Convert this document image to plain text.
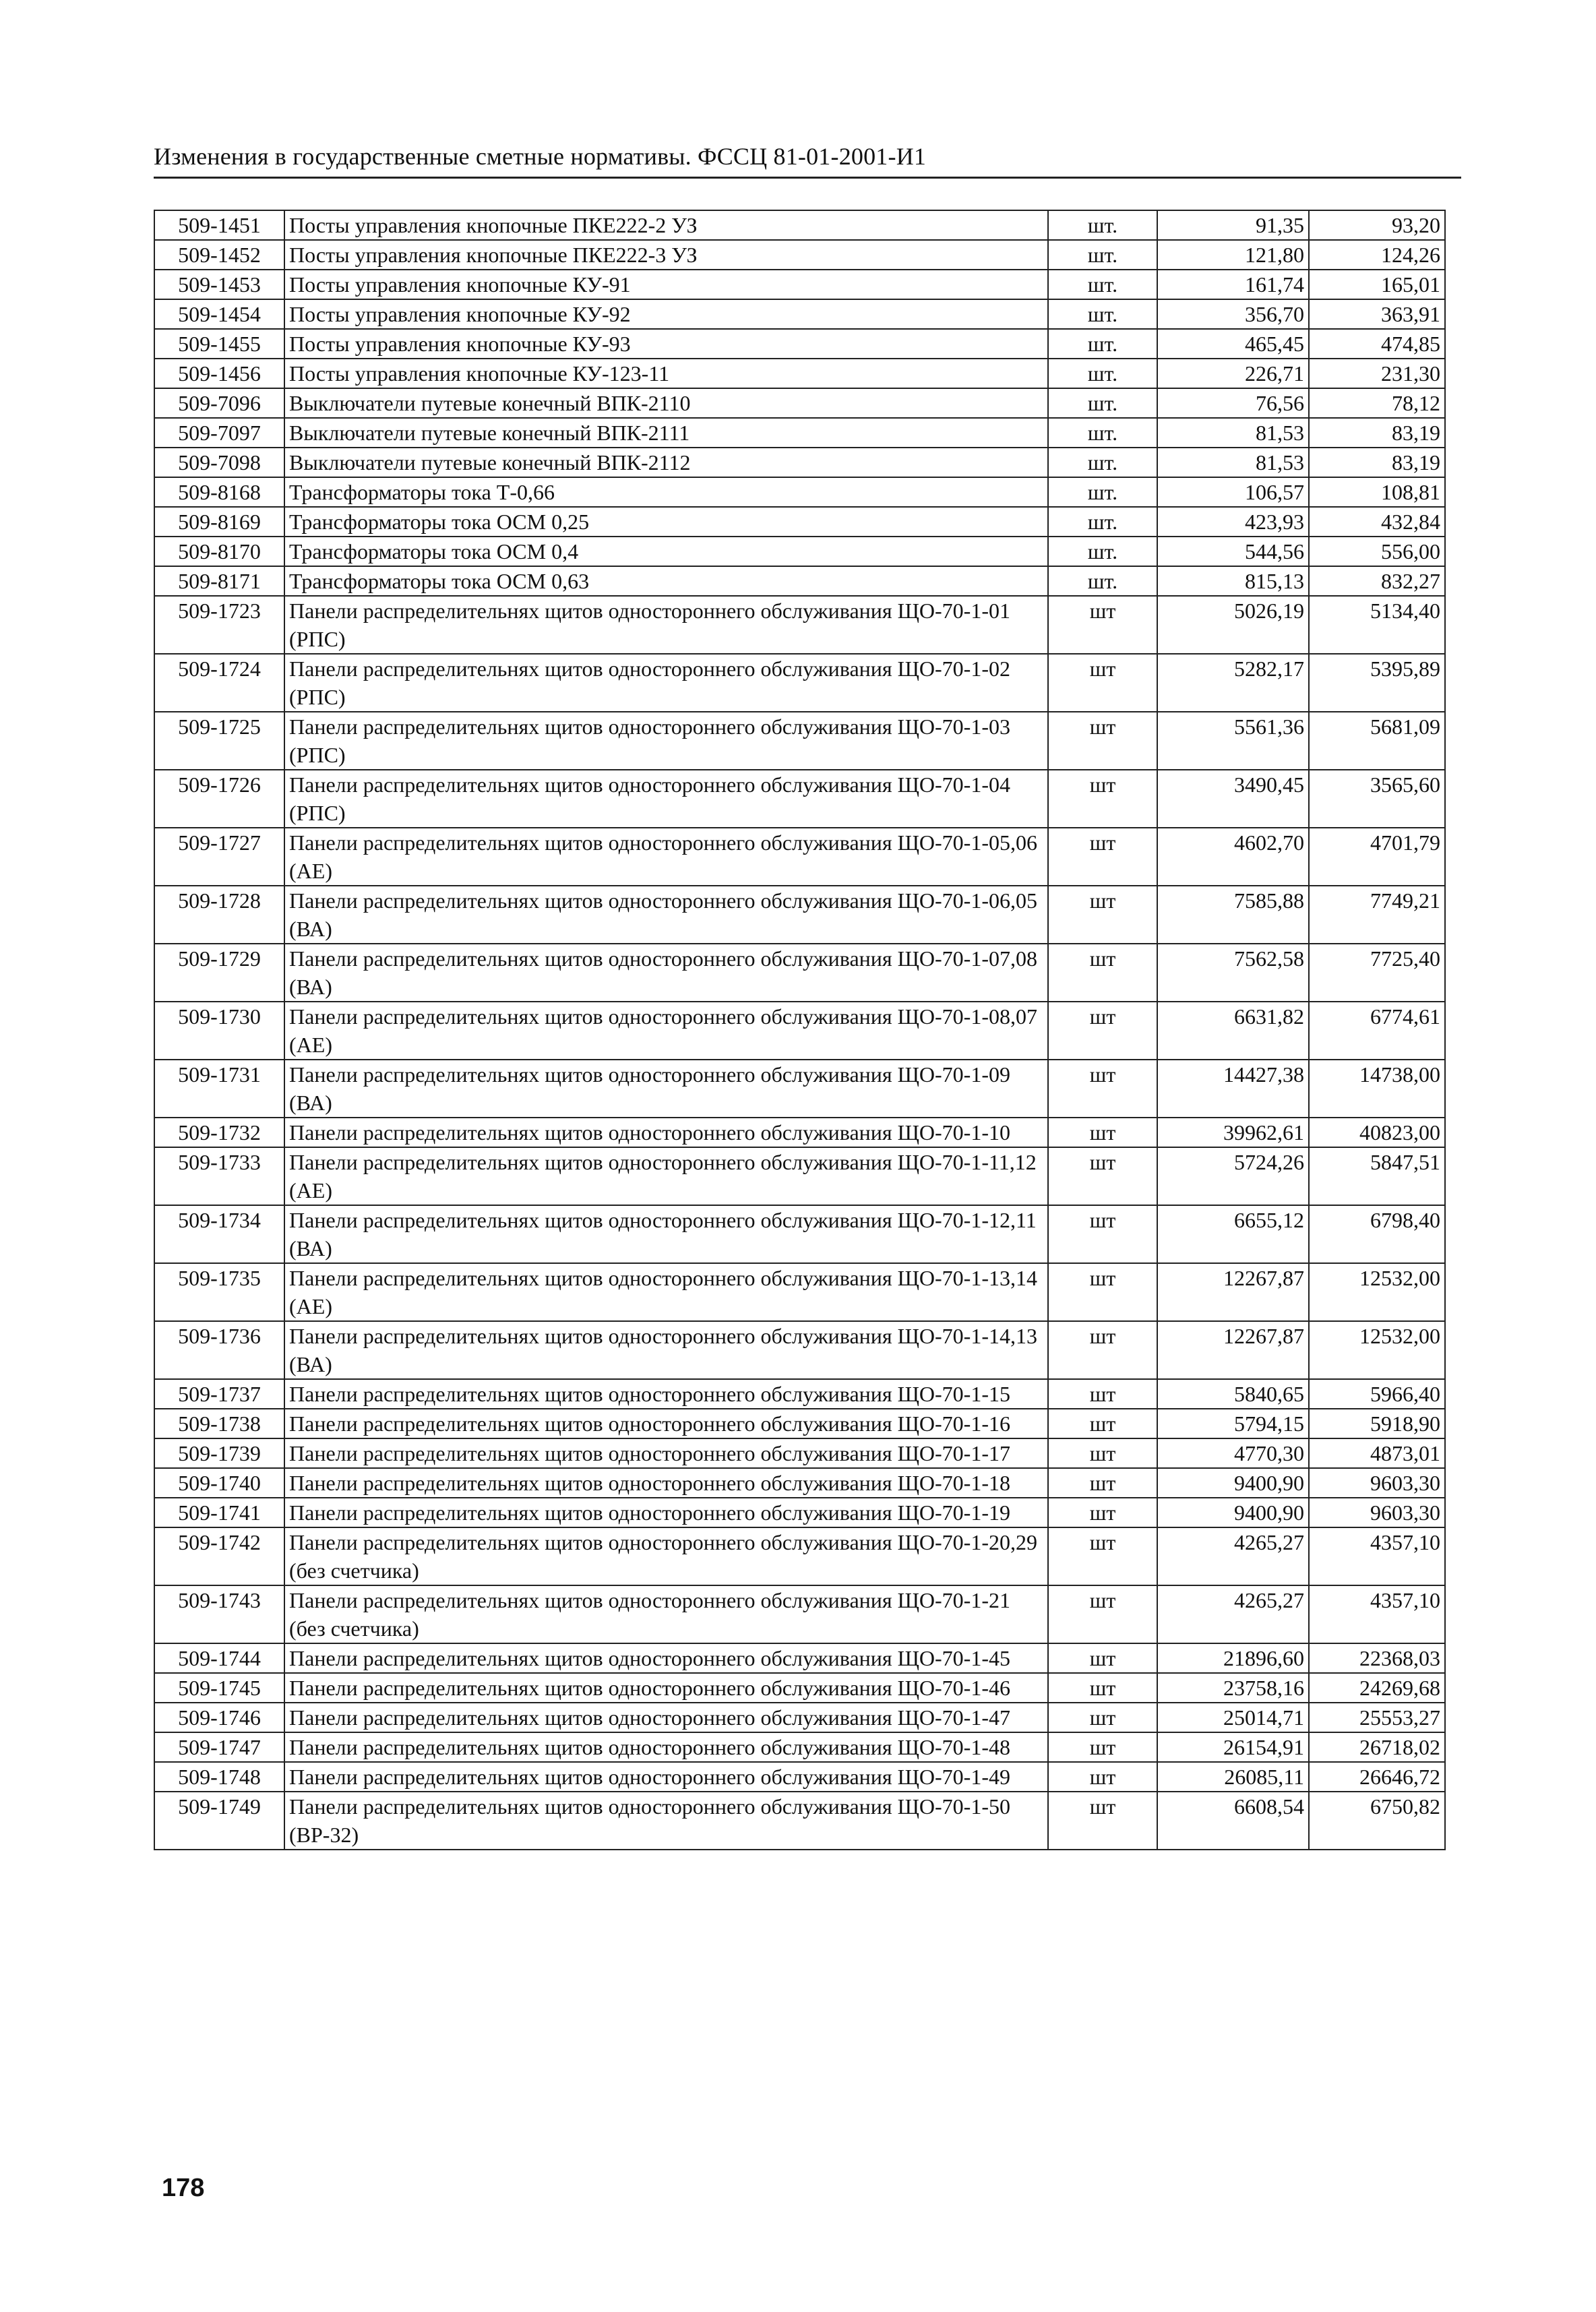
Изменения в государственные сметные нормативы. ФССЦ 81-01-2001-И1
509-1451	Посты управления кнопочные ПКЕ222-2 УЗ	шт.	91,35	93,20
509-1452	Посты управления кнопочные ПКЕ222-3 УЗ	шт.	121,80	124,26
509-1453	Посты управления кнопочные КУ-91	шт.	161,74	165,01
509-1454	Посты управления кнопочные КУ-92	шт.	356,70	363,91
509-1455	Посты управления кнопочные КУ-93	шт.	465,45	474,85
509-1456	Посты управления кнопочные КУ-123-11	шт.	226,71	231,30
509-7096	Выключатели путевые конечный ВПК-2110	шт.	76,56	78,12
509-7097	Выключатели путевые конечный ВПК-2111	шт.	81,53	83,19
509-7098	Выключатели путевые конечный ВПК-2112	шт.	81,53	83,19
509-8168	Трансформаторы тока Т-0,66	шт.	106,57	108,81
509-8169	Трансформаторы тока ОСМ 0,25	шт.	423,93	432,84
509-8170	Трансформаторы тока ОСМ 0,4	шт.	544,56	556,00
509-8171	Трансформаторы тока ОСМ 0,63	шт.	815,13	832,27
509-1723	Панели распределительнях щитов одностороннего обслуживания ЩО-70-1-01 (РПС)	шт	5026,19	5134,40
509-1724	Панели распределительнях щитов одностороннего обслуживания ЩО-70-1-02 (РПС)	шт	5282,17	5395,89
509-1725	Панели распределительнях щитов одностороннего обслуживания ЩО-70-1-03 (РПС)	шт	5561,36	5681,09
509-1726	Панели распределительнях щитов одностороннего обслуживания ЩО-70-1-04 (РПС)	шт	3490,45	3565,60
509-1727	Панели распределительнях щитов одностороннего обслуживания ЩО-70-1-05,06 (АЕ)	шт	4602,70	4701,79
509-1728	Панели распределительнях щитов одностороннего обслуживания ЩО-70-1-06,05 (ВА)	шт	7585,88	7749,21
509-1729	Панели распределительнях щитов одностороннего обслуживания ЩО-70-1-07,08 (ВА)	шт	7562,58	7725,40
509-1730	Панели распределительнях щитов одностороннего обслуживания ЩО-70-1-08,07 (АЕ)	шт	6631,82	6774,61
509-1731	Панели распределительнях щитов одностороннего обслуживания ЩО-70-1-09 (ВА)	шт	14427,38	14738,00
509-1732	Панели распределительнях щитов одностороннего обслуживания ЩО-70-1-10	шт	39962,61	40823,00
509-1733	Панели распределительнях щитов одностороннего обслуживания ЩО-70-1-11,12 (АЕ)	шт	5724,26	5847,51
509-1734	Панели распределительнях щитов одностороннего обслуживания ЩО-70-1-12,11 (ВА)	шт	6655,12	6798,40
509-1735	Панели распределительнях щитов одностороннего обслуживания ЩО-70-1-13,14 (АЕ)	шт	12267,87	12532,00
509-1736	Панели распределительнях щитов одностороннего обслуживания ЩО-70-1-14,13 (ВА)	шт	12267,87	12532,00
509-1737	Панели распределительнях щитов одностороннего обслуживания ЩО-70-1-15	шт	5840,65	5966,40
509-1738	Панели распределительнях щитов одностороннего обслуживания ЩО-70-1-16	шт	5794,15	5918,90
509-1739	Панели распределительнях щитов одностороннего обслуживания ЩО-70-1-17	шт	4770,30	4873,01
509-1740	Панели распределительнях щитов одностороннего обслуживания ЩО-70-1-18	шт	9400,90	9603,30
509-1741	Панели распределительнях щитов одностороннего обслуживания ЩО-70-1-19	шт	9400,90	9603,30
509-1742	Панели распределительнях щитов одностороннего обслуживания ЩО-70-1-20,29 (без счетчика)	шт	4265,27	4357,10
509-1743	Панели распределительнях щитов одностороннего обслуживания ЩО-70-1-21 (без счетчика)	шт	4265,27	4357,10
509-1744	Панели распределительнях щитов одностороннего обслуживания ЩО-70-1-45	шт	21896,60	22368,03
509-1745	Панели распределительнях щитов одностороннего обслуживания ЩО-70-1-46	шт	23758,16	24269,68
509-1746	Панели распределительнях щитов одностороннего обслуживания ЩО-70-1-47	шт	25014,71	25553,27
509-1747	Панели распределительнях щитов одностороннего обслуживания ЩО-70-1-48	шт	26154,91	26718,02
509-1748	Панели распределительнях щитов одностороннего обслуживания ЩО-70-1-49	шт	26085,11	26646,72
509-1749	Панели распределительнях щитов одностороннего обслуживания ЩО-70-1-50 (ВР-32)	шт	6608,54	6750,82
178
